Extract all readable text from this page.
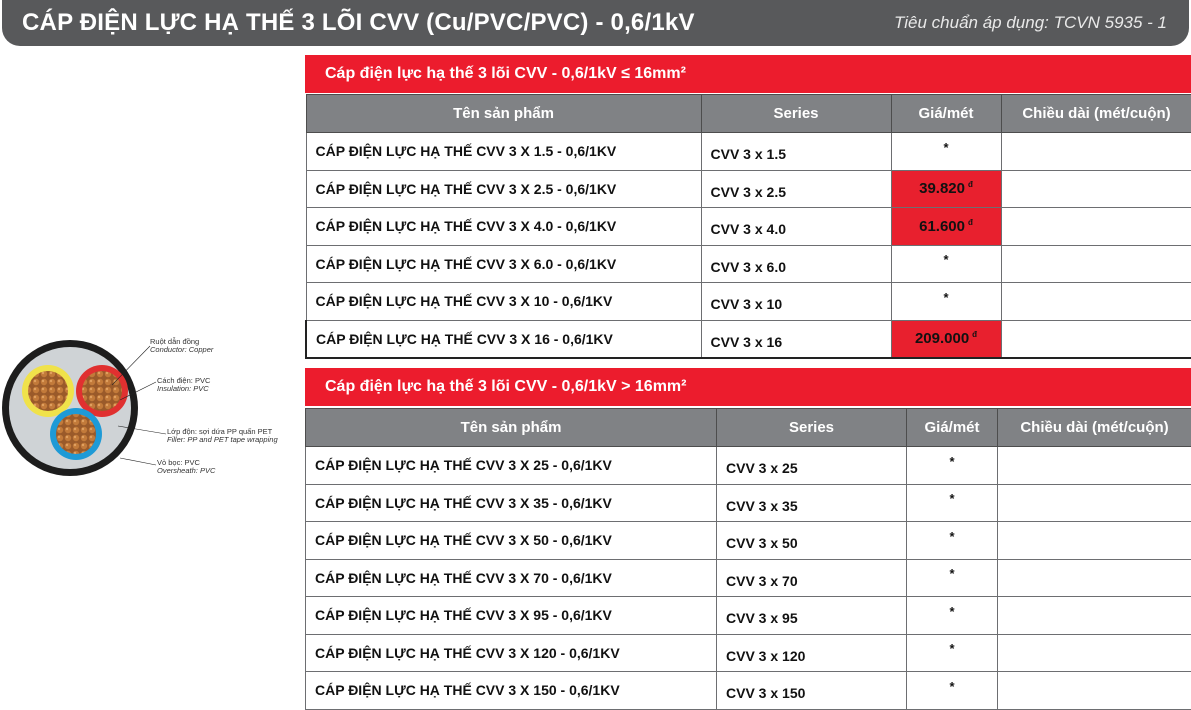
CÁP ĐIỆN LỰC HẠ THẾ 3 LÕI CVV (Cu/PVC/PVC) - 0,6/1kV	Tiêu chuẩn áp dụng: TCVN 5935 - 1
Ruột dẫn đồng
Conductor: Copper
Cách điện: PVC
Insulation: PVC
Lớp độn: sợi dứa PP quấn PET
Filler: PP and PET tape wrapping
Vỏ bọc: PVC
Oversheath: PVC
Cáp điện lực hạ thế 3 lõi CVV - 0,6/1kV ≤ 16mm²
Tên sản phẩm	Series	Giá/mét	Chiều dài (mét/cuộn)
CÁP ĐIỆN LỰC HẠ THẾ CVV 3 X 1.5 - 0,6/1KV	CVV 3 x 1.5	*	
CÁP ĐIỆN LỰC HẠ THẾ CVV 3 X 2.5 - 0,6/1KV	CVV 3 x 2.5	39.820 $^đ$	
CÁP ĐIỆN LỰC HẠ THẾ CVV 3 X 4.0 - 0,6/1KV	CVV 3 x 4.0	61.600 $^đ$	
CÁP ĐIỆN LỰC HẠ THẾ CVV 3 X 6.0 - 0,6/1KV	CVV 3 x 6.0	*	
CÁP ĐIỆN LỰC HẠ THẾ CVV 3 X 10 - 0,6/1KV	CVV 3 x 10	*	
CÁP ĐIỆN LỰC HẠ THẾ CVV 3 X 16 - 0,6/1KV	CVV 3 x 16	209.000 $^đ$	
Cáp điện lực hạ thế 3 lõi CVV - 0,6/1kV > 16mm²
Tên sản phẩm	Series	Giá/mét	Chiều dài (mét/cuộn)
CÁP ĐIỆN LỰC HẠ THẾ CVV 3 X 25 - 0,6/1KV	CVV 3 x 25	*	
CÁP ĐIỆN LỰC HẠ THẾ CVV 3 X 35 - 0,6/1KV	CVV 3 x 35	*	
CÁP ĐIỆN LỰC HẠ THẾ CVV 3 X 50 - 0,6/1KV	CVV 3 x 50	*	
CÁP ĐIỆN LỰC HẠ THẾ CVV 3 X 70 - 0,6/1KV	CVV 3 x 70	*	
CÁP ĐIỆN LỰC HẠ THẾ CVV 3 X 95 - 0,6/1KV	CVV 3 x 95	*	
CÁP ĐIỆN LỰC HẠ THẾ CVV 3 X 120 - 0,6/1KV	CVV 3 x 120	*	
CÁP ĐIỆN LỰC HẠ THẾ CVV 3 X 150 - 0,6/1KV	CVV 3 x 150	*	
